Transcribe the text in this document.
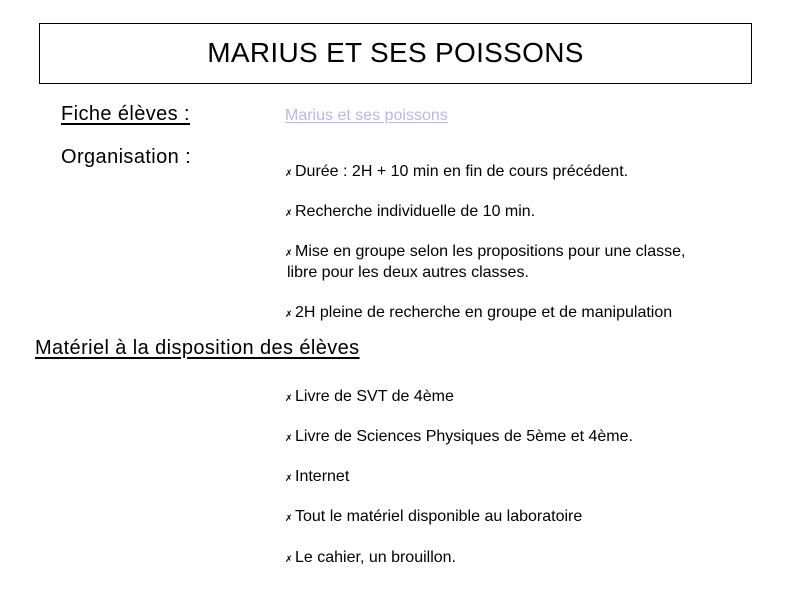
MARIUS ET SES POISSONS
Fiche élèves :	Marius et ses poissons
Organisation :
✗ Durée : 2H + 10 min en fin de cours précédent.
✗ Recherche individuelle de 10 min.
✗ Mise en groupe selon les propositions pour une classe,
libre pour les deux autres classes.
✗ 2H pleine de recherche en groupe et de manipulation
Matériel à la disposition des élèves
✗ Livre de SVT de 4ème
✗ Livre de Sciences Physiques de 5ème et 4ème.
✗ Internet
✗ Tout le matériel disponible au laboratoire
✗ Le cahier, un brouillon.
